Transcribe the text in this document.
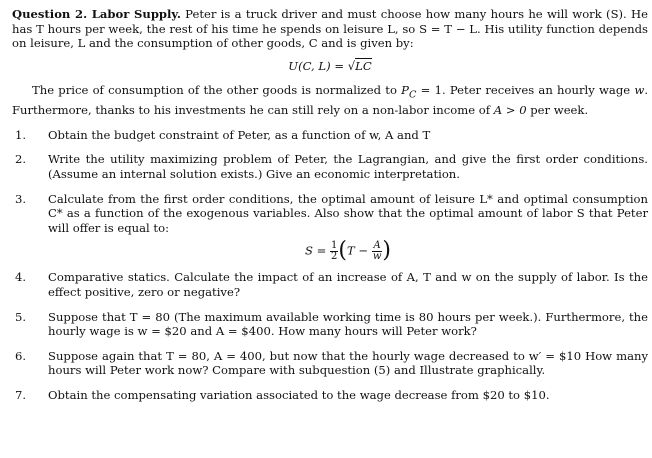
Question 2. Labor Supply. Peter is a truck driver and must choose how many hours he will work (S). He has T hours per week, the rest of his time he spends on leisure L, so S = T − L. His utility function depends on leisure, L and the consumption of other goods, C and is given by:

U(C, L) = √LC

The price of consumption of the other goods is normalized to $P_C = 1$. Peter receives an hourly wage w. Furthermore, thanks to his investments he can still rely on a non-labor income of A > 0 per week.

1.	Obtain the budget constraint of Peter, as a function of w, A and T
2.	Write the utility maximizing problem of Peter, the Lagrangian, and give the first order conditions. (Assume an internal solution exists.) Give an economic interpretation.
3.	Calculate from the first order conditions, the optimal amount of leisure L* and optimal consumption C* as a function of the exogenous variables. Also show that the optimal amount of labor S that Peter will offer is equal to:
$S = \frac{1}{2} (T - \frac{A}{w}$ )
4.	Comparative statics. Calculate the impact of an increase of A, T and w on the supply of labor. Is the effect positive, zero or negative?
5.	Suppose that T = 80 (The maximum available working time is 80 hours per week.). Furthermore, the hourly wage is w = $20 and A = $400. How many hours will Peter work?
6.	Suppose again that T = 80, A = 400, but now that the hourly wage decreased to w′ = $10 How many hours will Peter work now? Compare with subquestion (5) and Illustrate graphically.
7.	Obtain the compensating variation associated to the wage decrease from $20 to $10.
